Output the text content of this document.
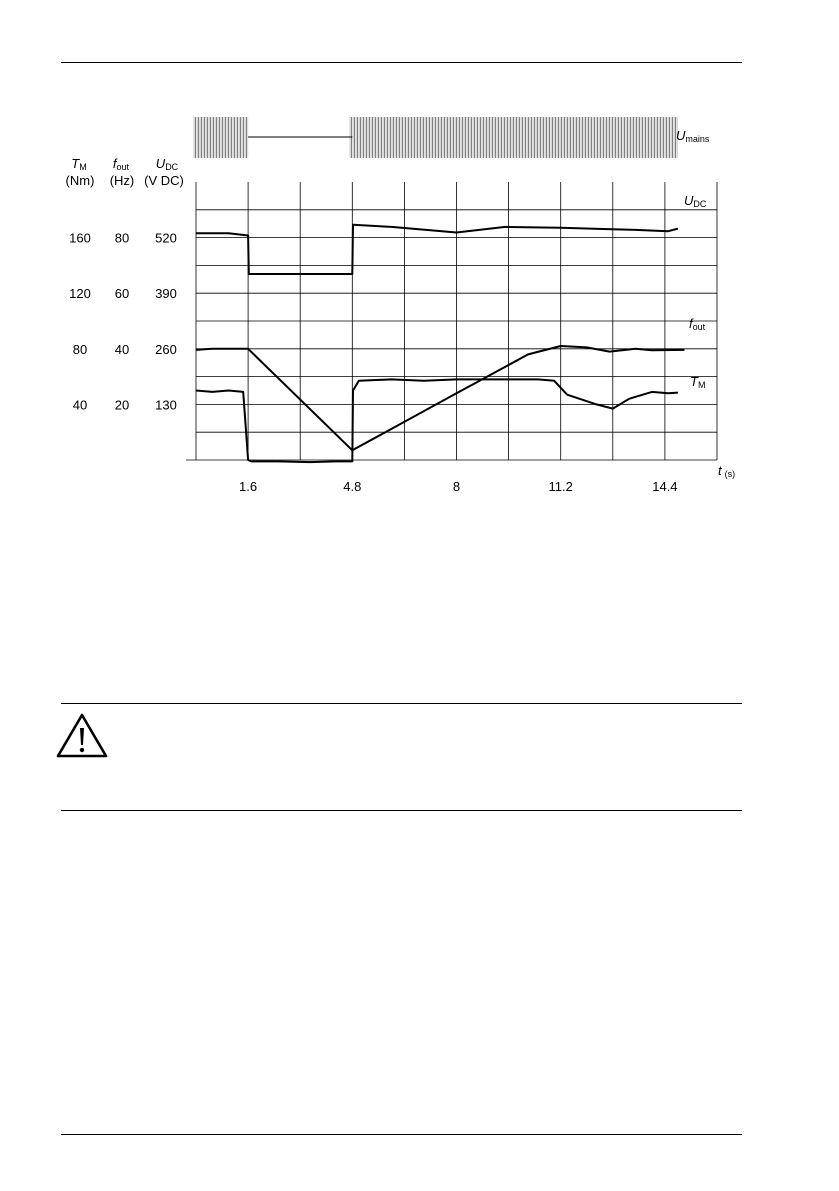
Umains
TM
(Nm)
fout
(Hz)
UDC
(V DC)
160 80 520
120 60 390
80 40 260
40 20 130
1.6	4.8	8	11.2	14.4
t (s)
UDC
fout
TM
